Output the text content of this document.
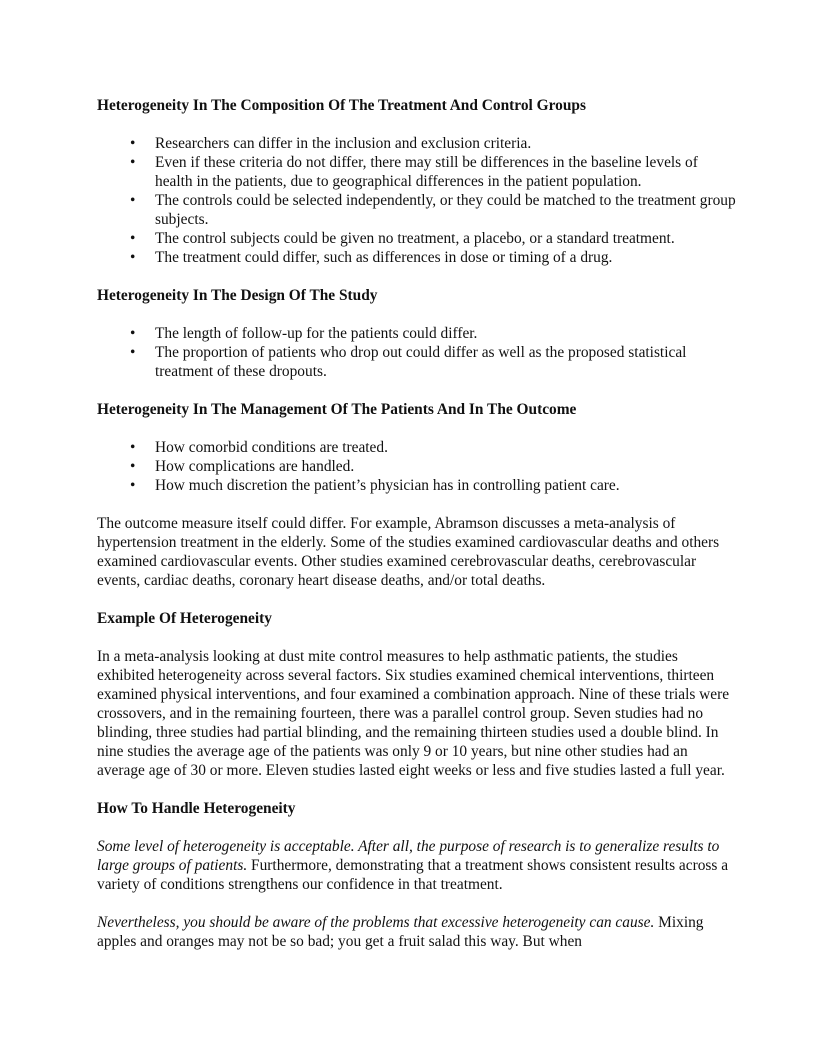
Heterogeneity In The Composition Of The Treatment And Control Groups
• Researchers can differ in the inclusion and exclusion criteria.
• Even if these criteria do not differ, there may still be differences in the baseline levels of health in the patients, due to geographical differences in the patient population.
• The controls could be selected independently, or they could be matched to the treatment group subjects.
• The control subjects could be given no treatment, a placebo, or a standard treatment.
• The treatment could differ, such as differences in dose or timing of a drug.
Heterogeneity In The Design Of The Study
• The length of follow-up for the patients could differ.
• The proportion of patients who drop out could differ as well as the proposed statistical treatment of these dropouts.
Heterogeneity In The Management Of The Patients And In The Outcome
• How comorbid conditions are treated.
• How complications are handled.
• How much discretion the patient’s physician has in controlling patient care.

The outcome measure itself could differ. For example, Abramson discusses a meta-analysis of hypertension treatment in the elderly. Some of the studies examined cardiovascular deaths and others examined cardiovascular events. Other studies examined cerebrovascular deaths, cerebrovascular events, cardiac deaths, coronary heart disease deaths, and/or total deaths.

Example Of Heterogeneity

In a meta-analysis looking at dust mite control measures to help asthmatic patients, the studies exhibited heterogeneity across several factors. Six studies examined chemical interventions, thirteen examined physical interventions, and four examined a combination approach. Nine of these trials were crossovers, and in the remaining fourteen, there was a parallel control group. Seven studies had no blinding, three studies had partial blinding, and the remaining thirteen studies used a double blind. In nine studies the average age of the patients was only 9 or 10 years, but nine other studies had an average age of 30 or more. Eleven studies lasted eight weeks or less and five studies lasted a full year.

How To Handle Heterogeneity

Some level of heterogeneity is acceptable. After all, the purpose of research is to generalize results to large groups of patients. Furthermore, demonstrating that a treatment shows consistent results across a variety of conditions strengthens our confidence in that treatment.

Nevertheless, you should be aware of the problems that excessive heterogeneity can cause. Mixing apples and oranges may not be so bad; you get a fruit salad this way. But when
